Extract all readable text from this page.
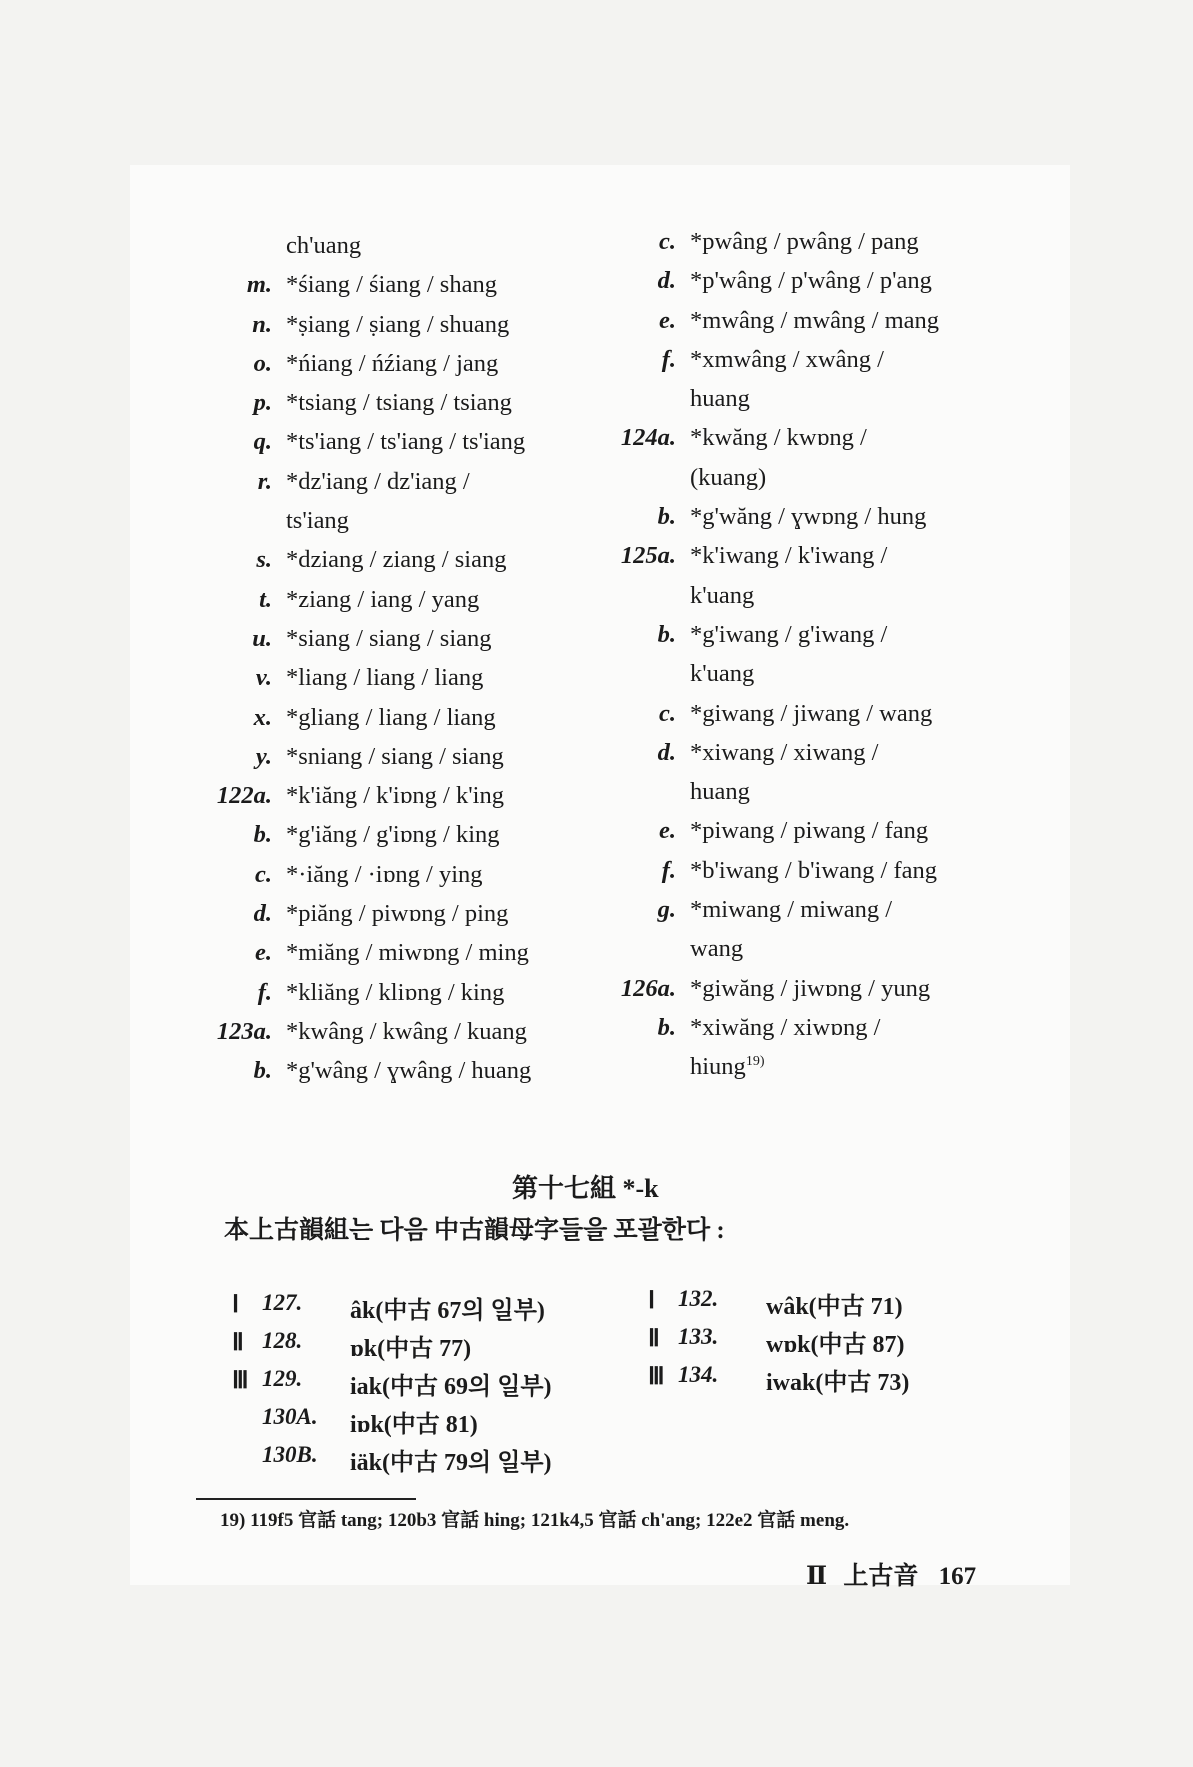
ch'uang
m. *śiang / śiang / shang
n. *ṣiang / ṣiang / shuang
o. *ńiang / ńźiang / jang
p. *tsiang / tsiang / tsiang
q. *ts'iang / ts'iang / ts'iang
r. *dz'iang / dz'iang /
ts'iang
s. *dziang / ziang / siang
t. *ziang / iang / yang
u. *siang / siang / siang
v. *liang / liang / liang
x. *gliang / liang / liang
y. *sniang / siang / siang
122a. *k'iăng / k'iɒng / k'ing
b. *g'iăng / g'iɒng / king
c. *·iăng / ·iɒng / ying
d. *piăng / piwɒng / ping
e. *miăng / miwɒng / ming
f. *kliăng / kliɒng / king
123a. *kwâng / kwâng / kuang
b. *g'wâng / ɣwâng / huang
c. *pwâng / pwâng / pang
d. *p'wâng / p'wâng / p'ang
e. *mwâng / mwâng / mang
f. *xmwâng / xwâng /
huang
124a. *kwăng / kwɒng /
(kuang)
b. *g'wăng / ɣwɒng / hung
125a. *k'iwang / k'iwang /
k'uang
b. *g'iwang / g'iwang /
k'uang
c. *giwang / jiwang / wang
d. *xiwang / xiwang /
huang
e. *piwang / piwang / fang
f. *b'iwang / b'iwang / fang
g. *miwang / miwang /
wang
126a. *giwăng / jiwɒng / yung
b. *xiwăng / xiwɒng /
hiung$^{19)}$
第十七組 *-k
本上古韻組는 다음 中古韻母字들을 포괄한다 :
Ⅰ 127. âk(中古 67의 일부)
Ⅱ 128. ɒk(中古 77)
Ⅲ 129. iak(中古 69의 일부)
130A. iɒk(中古 81)
130B. iäk(中古 79의 일부)
Ⅰ 132. wâk(中古 71)
Ⅱ 133. wɒk(中古 87)
Ⅲ 134. iwak(中古 73)
19) 119f5 官話 tang; 120b3 官話 hing; 121k4,5 官話 ch'ang; 122e2 官話 meng.
Ⅱ 上古音 167
